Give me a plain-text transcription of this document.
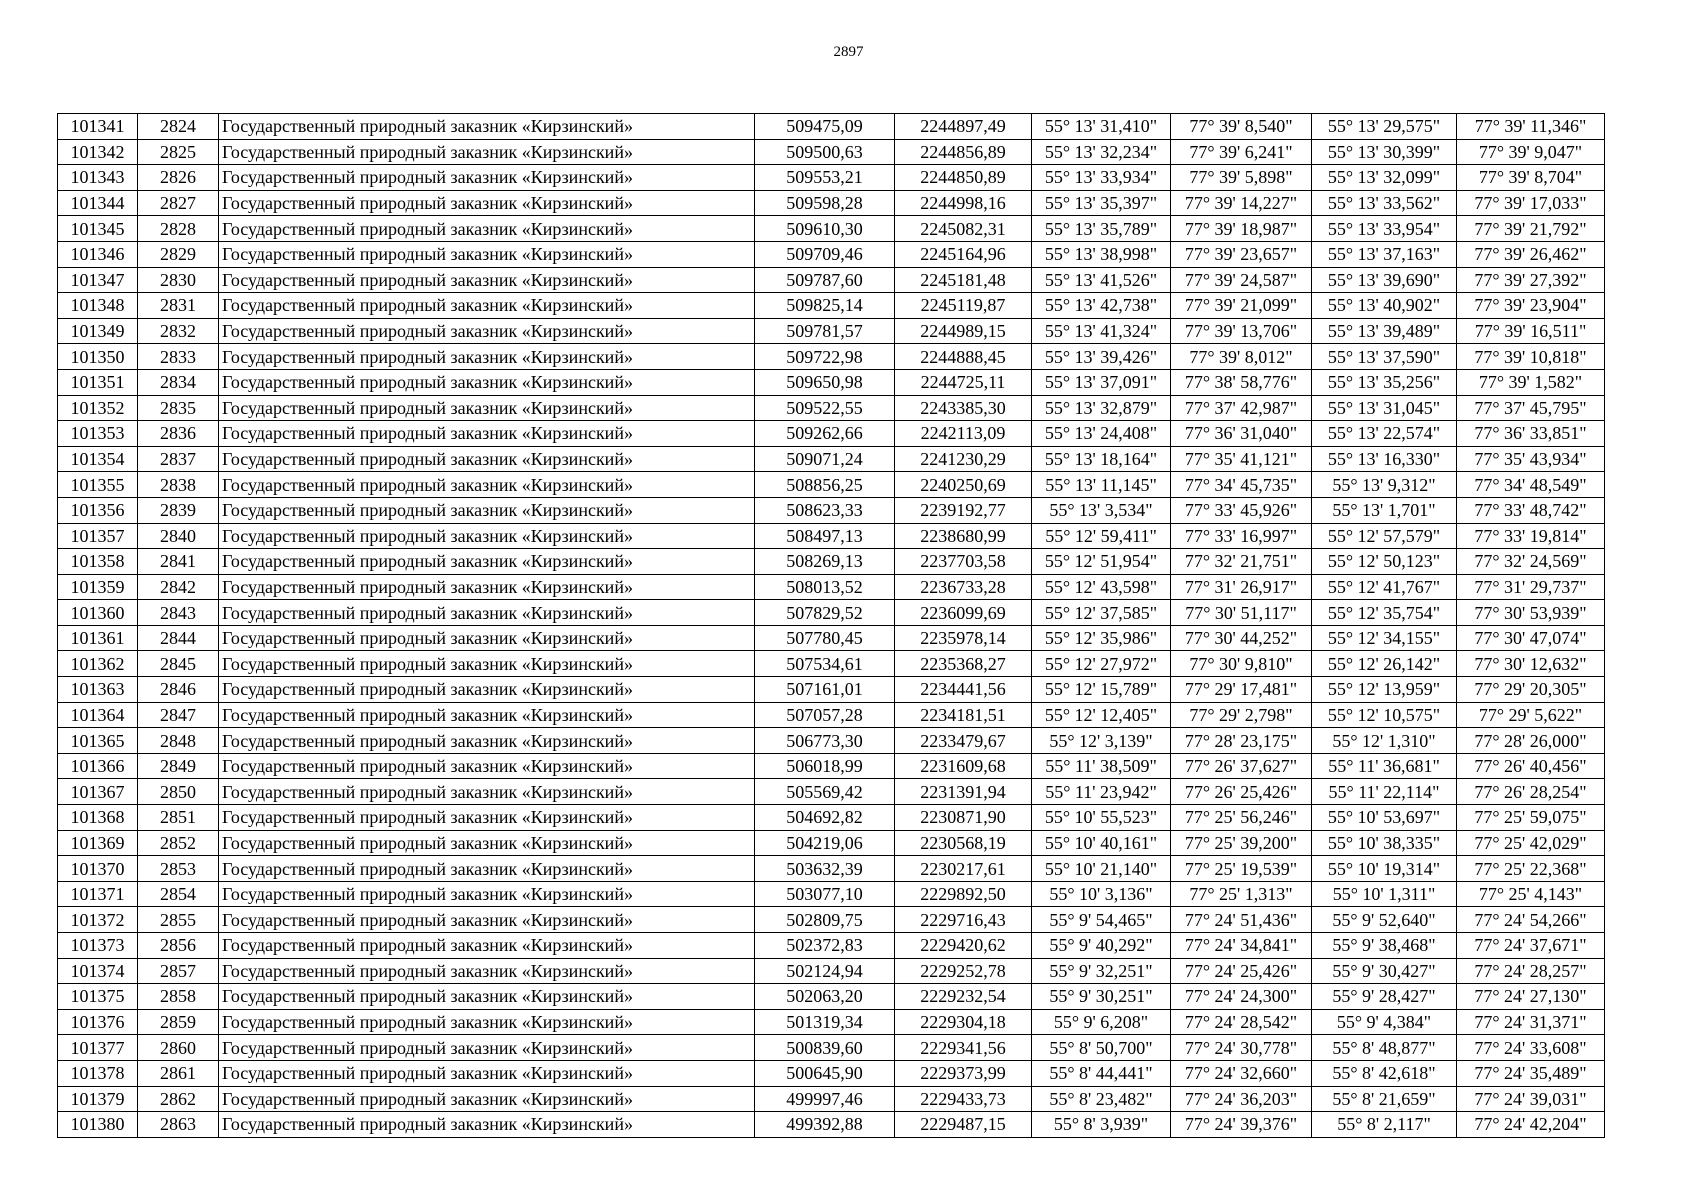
2897
101341	2824	Государственный природный заказник «Кирзинский»	509475,09	2244897,49	55° 13' 31,410"	77° 39' 8,540"	55° 13' 29,575"	77° 39' 11,346"
101342	2825	Государственный природный заказник «Кирзинский»	509500,63	2244856,89	55° 13' 32,234"	77° 39' 6,241"	55° 13' 30,399"	77° 39' 9,047"
101343	2826	Государственный природный заказник «Кирзинский»	509553,21	2244850,89	55° 13' 33,934"	77° 39' 5,898"	55° 13' 32,099"	77° 39' 8,704"
101344	2827	Государственный природный заказник «Кирзинский»	509598,28	2244998,16	55° 13' 35,397"	77° 39' 14,227"	55° 13' 33,562"	77° 39' 17,033"
101345	2828	Государственный природный заказник «Кирзинский»	509610,30	2245082,31	55° 13' 35,789"	77° 39' 18,987"	55° 13' 33,954"	77° 39' 21,792"
101346	2829	Государственный природный заказник «Кирзинский»	509709,46	2245164,96	55° 13' 38,998"	77° 39' 23,657"	55° 13' 37,163"	77° 39' 26,462"
101347	2830	Государственный природный заказник «Кирзинский»	509787,60	2245181,48	55° 13' 41,526"	77° 39' 24,587"	55° 13' 39,690"	77° 39' 27,392"
101348	2831	Государственный природный заказник «Кирзинский»	509825,14	2245119,87	55° 13' 42,738"	77° 39' 21,099"	55° 13' 40,902"	77° 39' 23,904"
101349	2832	Государственный природный заказник «Кирзинский»	509781,57	2244989,15	55° 13' 41,324"	77° 39' 13,706"	55° 13' 39,489"	77° 39' 16,511"
101350	2833	Государственный природный заказник «Кирзинский»	509722,98	2244888,45	55° 13' 39,426"	77° 39' 8,012"	55° 13' 37,590"	77° 39' 10,818"
101351	2834	Государственный природный заказник «Кирзинский»	509650,98	2244725,11	55° 13' 37,091"	77° 38' 58,776"	55° 13' 35,256"	77° 39' 1,582"
101352	2835	Государственный природный заказник «Кирзинский»	509522,55	2243385,30	55° 13' 32,879"	77° 37' 42,987"	55° 13' 31,045"	77° 37' 45,795"
101353	2836	Государственный природный заказник «Кирзинский»	509262,66	2242113,09	55° 13' 24,408"	77° 36' 31,040"	55° 13' 22,574"	77° 36' 33,851"
101354	2837	Государственный природный заказник «Кирзинский»	509071,24	2241230,29	55° 13' 18,164"	77° 35' 41,121"	55° 13' 16,330"	77° 35' 43,934"
101355	2838	Государственный природный заказник «Кирзинский»	508856,25	2240250,69	55° 13' 11,145"	77° 34' 45,735"	55° 13' 9,312"	77° 34' 48,549"
101356	2839	Государственный природный заказник «Кирзинский»	508623,33	2239192,77	55° 13' 3,534"	77° 33' 45,926"	55° 13' 1,701"	77° 33' 48,742"
101357	2840	Государственный природный заказник «Кирзинский»	508497,13	2238680,99	55° 12' 59,411"	77° 33' 16,997"	55° 12' 57,579"	77° 33' 19,814"
101358	2841	Государственный природный заказник «Кирзинский»	508269,13	2237703,58	55° 12' 51,954"	77° 32' 21,751"	55° 12' 50,123"	77° 32' 24,569"
101359	2842	Государственный природный заказник «Кирзинский»	508013,52	2236733,28	55° 12' 43,598"	77° 31' 26,917"	55° 12' 41,767"	77° 31' 29,737"
101360	2843	Государственный природный заказник «Кирзинский»	507829,52	2236099,69	55° 12' 37,585"	77° 30' 51,117"	55° 12' 35,754"	77° 30' 53,939"
101361	2844	Государственный природный заказник «Кирзинский»	507780,45	2235978,14	55° 12' 35,986"	77° 30' 44,252"	55° 12' 34,155"	77° 30' 47,074"
101362	2845	Государственный природный заказник «Кирзинский»	507534,61	2235368,27	55° 12' 27,972"	77° 30' 9,810"	55° 12' 26,142"	77° 30' 12,632"
101363	2846	Государственный природный заказник «Кирзинский»	507161,01	2234441,56	55° 12' 15,789"	77° 29' 17,481"	55° 12' 13,959"	77° 29' 20,305"
101364	2847	Государственный природный заказник «Кирзинский»	507057,28	2234181,51	55° 12' 12,405"	77° 29' 2,798"	55° 12' 10,575"	77° 29' 5,622"
101365	2848	Государственный природный заказник «Кирзинский»	506773,30	2233479,67	55° 12' 3,139"	77° 28' 23,175"	55° 12' 1,310"	77° 28' 26,000"
101366	2849	Государственный природный заказник «Кирзинский»	506018,99	2231609,68	55° 11' 38,509"	77° 26' 37,627"	55° 11' 36,681"	77° 26' 40,456"
101367	2850	Государственный природный заказник «Кирзинский»	505569,42	2231391,94	55° 11' 23,942"	77° 26' 25,426"	55° 11' 22,114"	77° 26' 28,254"
101368	2851	Государственный природный заказник «Кирзинский»	504692,82	2230871,90	55° 10' 55,523"	77° 25' 56,246"	55° 10' 53,697"	77° 25' 59,075"
101369	2852	Государственный природный заказник «Кирзинский»	504219,06	2230568,19	55° 10' 40,161"	77° 25' 39,200"	55° 10' 38,335"	77° 25' 42,029"
101370	2853	Государственный природный заказник «Кирзинский»	503632,39	2230217,61	55° 10' 21,140"	77° 25' 19,539"	55° 10' 19,314"	77° 25' 22,368"
101371	2854	Государственный природный заказник «Кирзинский»	503077,10	2229892,50	55° 10' 3,136"	77° 25' 1,313"	55° 10' 1,311"	77° 25' 4,143"
101372	2855	Государственный природный заказник «Кирзинский»	502809,75	2229716,43	55° 9' 54,465"	77° 24' 51,436"	55° 9' 52,640"	77° 24' 54,266"
101373	2856	Государственный природный заказник «Кирзинский»	502372,83	2229420,62	55° 9' 40,292"	77° 24' 34,841"	55° 9' 38,468"	77° 24' 37,671"
101374	2857	Государственный природный заказник «Кирзинский»	502124,94	2229252,78	55° 9' 32,251"	77° 24' 25,426"	55° 9' 30,427"	77° 24' 28,257"
101375	2858	Государственный природный заказник «Кирзинский»	502063,20	2229232,54	55° 9' 30,251"	77° 24' 24,300"	55° 9' 28,427"	77° 24' 27,130"
101376	2859	Государственный природный заказник «Кирзинский»	501319,34	2229304,18	55° 9' 6,208"	77° 24' 28,542"	55° 9' 4,384"	77° 24' 31,371"
101377	2860	Государственный природный заказник «Кирзинский»	500839,60	2229341,56	55° 8' 50,700"	77° 24' 30,778"	55° 8' 48,877"	77° 24' 33,608"
101378	2861	Государственный природный заказник «Кирзинский»	500645,90	2229373,99	55° 8' 44,441"	77° 24' 32,660"	55° 8' 42,618"	77° 24' 35,489"
101379	2862	Государственный природный заказник «Кирзинский»	499997,46	2229433,73	55° 8' 23,482"	77° 24' 36,203"	55° 8' 21,659"	77° 24' 39,031"
101380	2863	Государственный природный заказник «Кирзинский»	499392,88	2229487,15	55° 8' 3,939"	77° 24' 39,376"	55° 8' 2,117"	77° 24' 42,204"
